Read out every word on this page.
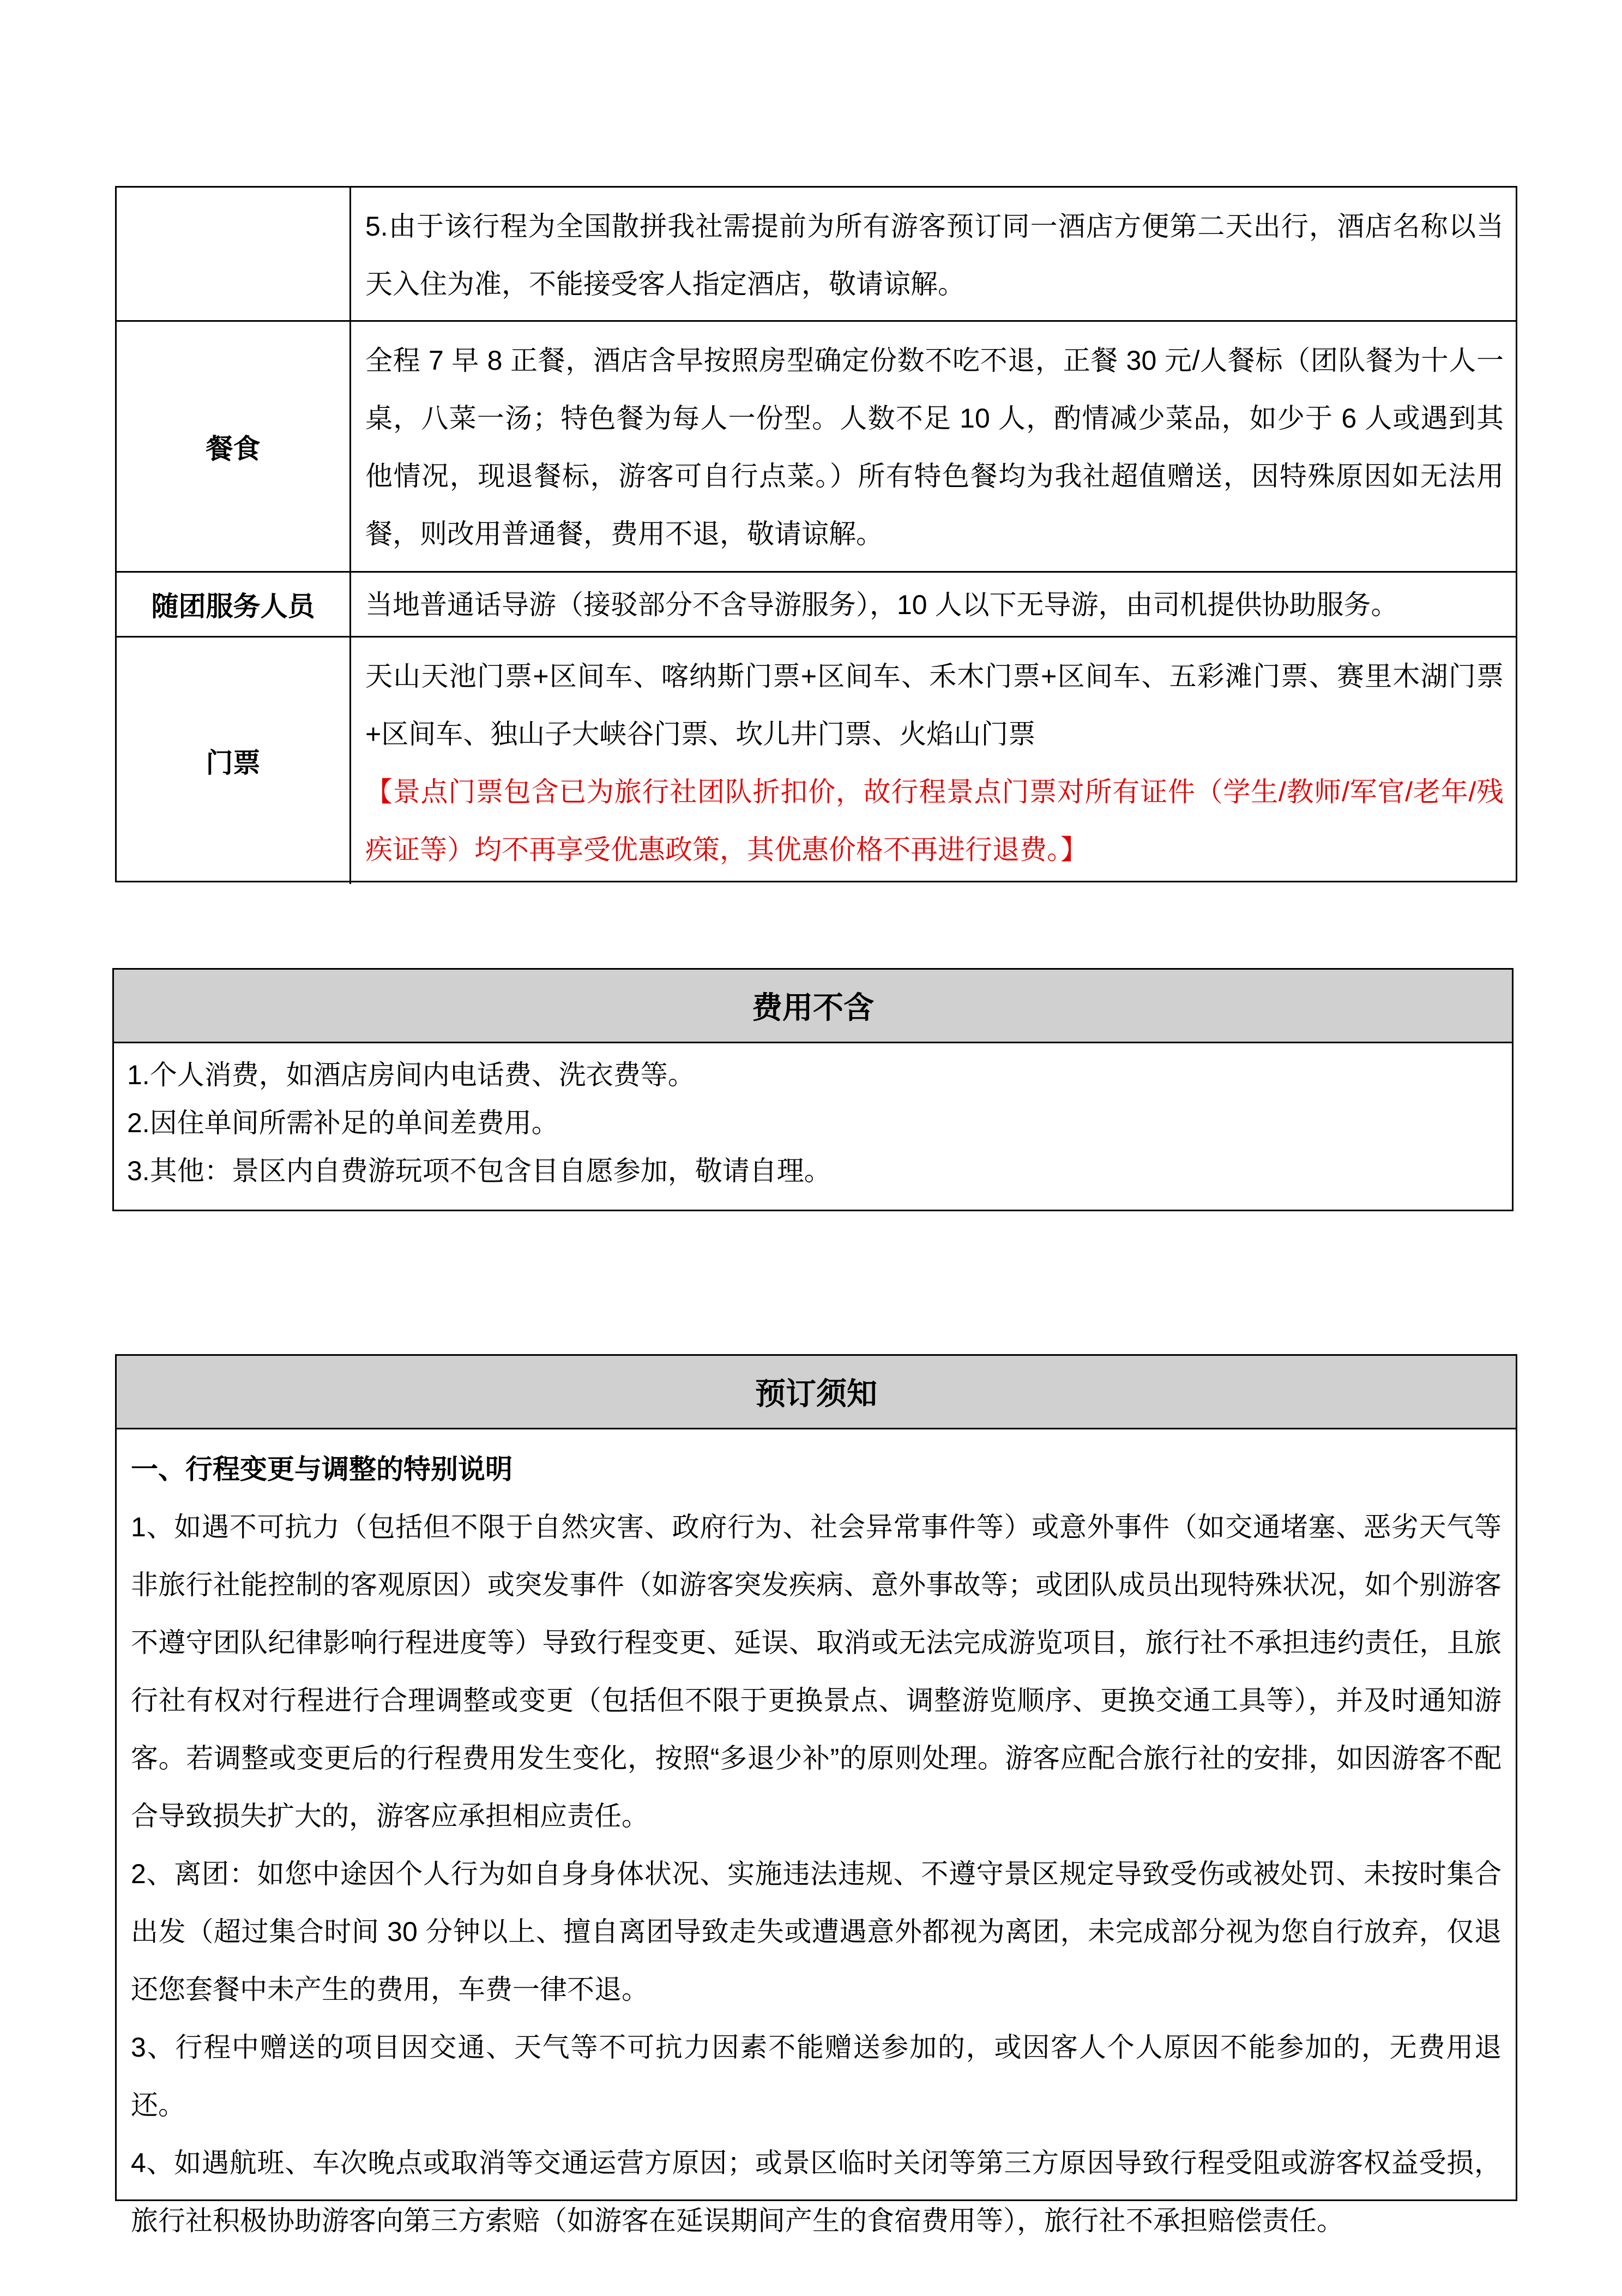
5.由于该行程为全国散拼我社需提前为所有游客预订同一酒店方便第二天出行，酒店名称以当天入住为准，不能接受客人指定酒店，敬请谅解。
餐食
全程 7 早 8 正餐，酒店含早按照房型确定份数不吃不退，正餐 30 元/人餐标（团队餐为十人一桌，八菜一汤；特色餐为每人一份型。人数不足 10 人，酌情减少菜品，如少于 6 人或遇到其他情况，现退餐标，游客可自行点菜。）所有特色餐均为我社超值赠送，因特殊原因如无法用餐，则改用普通餐，费用不退，敬请谅解。
随团服务人员	当地普通话导游（接驳部分不含导游服务），10 人以下无导游，由司机提供协助服务。
门票
天山天池门票+区间车、喀纳斯门票+区间车、禾木门票+区间车、五彩滩门票、赛里木湖门票+区间车、独山子大峡谷门票、坎儿井门票、火焰山门票
【景点门票包含已为旅行社团队折扣价，故行程景点门票对所有证件（学生/教师/军官/老年/残疾证等）均不再享受优惠政策，其优惠价格不再进行退费。】
费用不含

1.个人消费，如酒店房间内电话费、洗衣费等。

2.因住单间所需补足的单间差费用。

3.其他：景区内自费游玩项不包含目自愿参加，敬请自理。

预订须知

一、行程变更与调整的特别说明

1、如遇不可抗力（包括但不限于自然灾害、政府行为、社会异常事件等）或意外事件（如交通堵塞、恶劣天气等非旅行社能控制的客观原因）或突发事件（如游客突发疾病、意外事故等；或团队成员出现特殊状况，如个别游客不遵守团队纪律影响行程进度等）导致行程变更、延误、取消或无法完成游览项目，旅行社不承担违约责任，且旅行社有权对行程进行合理调整或变更（包括但不限于更换景点、调整游览顺序、更换交通工具等），并及时通知游客。若调整或变更后的行程费用发生变化，按照“多退少补”的原则处理。游客应配合旅行社的安排，如因游客不配合导致损失扩大的，游客应承担相应责任。

2、离团：如您中途因个人行为如自身身体状况、实施违法违规、不遵守景区规定导致受伤或被处罚、未按时集合出发（超过集合时间 30 分钟以上、擅自离团导致走失或遭遇意外都视为离团，未完成部分视为您自行放弃，仅退还您套餐中未产生的费用，车费一律不退。

3、行程中赠送的项目因交通、天气等不可抗力因素不能赠送参加的，或因客人个人原因不能参加的，无费用退还。

4、如遇航班、车次晚点或取消等交通运营方原因；或景区临时关闭等第三方原因导致行程受阻或游客权益受损，旅行社积极协助游客向第三方索赔（如游客在延误期间产生的食宿费用等），旅行社不承担赔偿责任。
